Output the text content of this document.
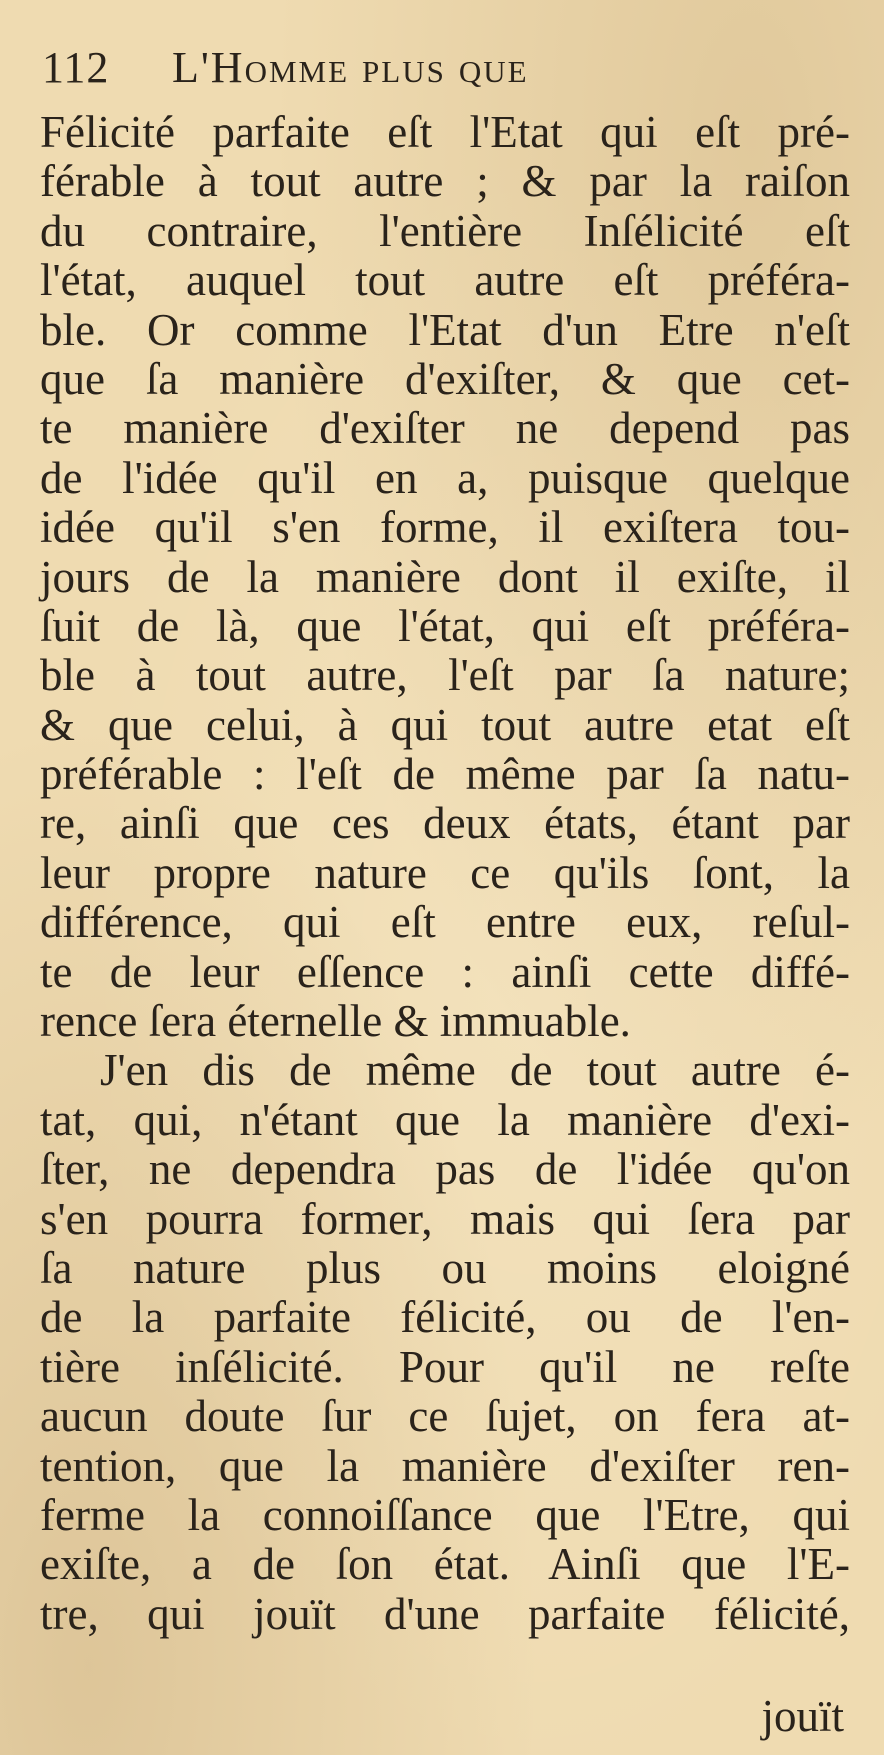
112 L'Homme plus que
Félicité parfaite eſt l'Etat qui eſt pré-
férable à tout autre ; & par la raiſon
du contraire, l'entière Inſélicité eſt
l'état, auquel tout autre eſt préféra-
ble. Or comme l'Etat d'un Etre n'eſt
que ſa manière d'exiſter, & que cet-
te manière d'exiſter ne depend pas
de l'idée qu'il en a, puisque quelque
idée qu'il s'en forme, il exiſtera tou-
jours de la manière dont il exiſte, il
ſuit de là, que l'état, qui eſt préféra-
ble à tout autre, l'eſt par ſa nature;
& que celui, à qui tout autre etat eſt
préférable : l'eſt de même par ſa natu-
re, ainſi que ces deux états, étant par
leur propre nature ce qu'ils ſont, la
différence, qui eſt entre eux, reſul-
te de leur eſſence : ainſi cette diffé-
rence ſera éternelle & immuable.
J'en dis de même de tout autre é-
tat, qui, n'étant que la manière d'exi-
ſter, ne dependra pas de l'idée qu'on
s'en pourra former, mais qui ſera par
ſa nature plus ou moins eloigné
de la parfaite félicité, ou de l'en-
tière inſélicité. Pour qu'il ne reſte
aucun doute ſur ce ſujet, on fera at-
tention, que la manière d'exiſter ren-
ferme la connoiſſance que l'Etre, qui
exiſte, a de ſon état. Ainſi que l'E-
tre, qui jouït d'une parfaite félicité,
jouït
